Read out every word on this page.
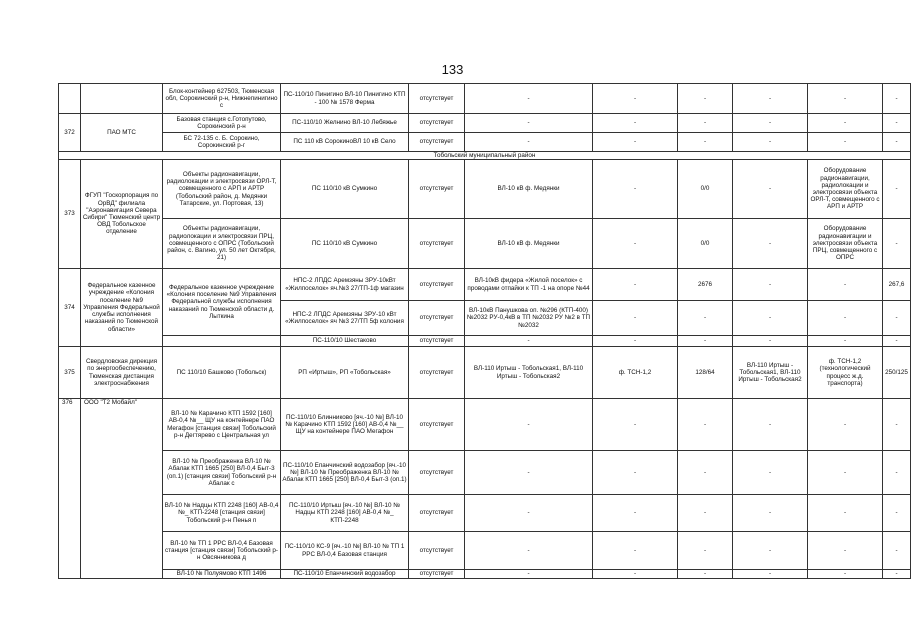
133
		Блок-контейнер 627503, Тюменская обл, Сорокинский р-н, Нижнепинигино с	ПС-110/10 Пинигино ВЛ-10 Пинигино КТП - 100 № 1578 Ферма	отсутствует	-	-	-	-	-	-
372	ПАО МТС	Базовая станция с.Готопутово, Сорокинский р-н	ПС-110/10 Желнино ВЛ-10 Лебяжье	отсутствует	-	-	-	-	-	-
		БС 72-135 с. Б. Сорокино, Сорокинский р-г	ПС 110 кВ СорокиноВЛ 10 кВ Село	отсутствует	-	-	-	-	-	-
Тобольский муниципальный район										
373	ФГУП "Госкорпорация по ОрВД" филиала "Аэронавигация Севера Сибири" Тюменский центр ОВД Тобольское отделение	Объекты радионавигации, радиолокации и электросвязи ОРЛ-Т, совмещенного с АРП и АРТР (Тобольский район, д. Медянки Татарские, ул. Портовая, 13)	ПС 110/10 кВ Сумкино	отсутствует	ВЛ-10 кВ ф. Медянки	-	0/0	-	Оборудование радионавигации, радиолокации и электросвязи объекта ОРЛ-Т, совмещенного с АРП и АРТР	-
		Объекты радионавигации, радиолокации и электросвязи ПРЦ, совмещенного с ОПРС (Тобольский район, с. Вагино, ул. 50 лет Октября, 21)	ПС 110/10 кВ Сумкино	отсутствует	ВЛ-10 кВ ф. Медянки	-	0/0	-	Оборудование радионавигации и электросвязи объекта ПРЦ, совмещенного с ОПРС	-
374	Федеральное казенное учреждение «Колония поселение №9 Управления Федеральной службы исполнения наказаний по Тюменской области»	Федеральное казенное учреждение «Колония поселение №9 Управления Федеральной службы исполнения наказаний по Тюменской области д. Лыткина	НПС-2 ЛПДС Аремзяны ЗРУ-10кВт «Жилпоселок» яч.№3 27/ТП-1ф магазин	отсутствует	ВЛ-10кВ фидера «Жилой поселок» с проводами отпайки к ТП -1 на опоре №44	-	2676	-	-	267,6
			НПС-2 ЛПДС Аремзяны ЗРУ-10 кВт «Жилпоселок» яч №3 27/ТП 5ф колония	отсутствует	ВЛ-10кВ Панушкова оп. №296 (КТП-400) №2032 РУ-0,4кВ в ТП №2032 РУ №2 в ТП №2032	-	-	-	-	-
			ПС-110/10 Шестаково	отсутствует	-	-	-	-	-	-
375	Свердловская дирекция по энергообеспечению, Тюменская дистанция электроснабжения	ПС 110/10 Башково (Тобольск)	РП «Иртыш», РП «Тобольская»	отсутствует	ВЛ-110 Иртыш - Тобольская1, ВЛ-110 Иртыш - Тобольская2	ф. ТСН-1,2	128/64	ВЛ-110 Иртыш - Тобольская1, ВЛ-110 Иртыш - Тобольская2	ф. ТСН-1,2 (технологический процесс ж.д. транспорта)	250/125
376	ООО "Т2 Мобайл"	ВЛ-10 № Карачино КТП 1592 [160] АВ-0,4 №__ ЩУ на контейнере ПАО Мегафон [станция связи] Тобольский р-н Дегтярево с Центральная ул	ПС-110/10 Блинниково [яч.-10 №] ВЛ-10 № Карачино КТП 1592 [160] АВ-0,4 №__ ЩУ на контейнере ПАО Мегафон	отсутствует	-	-	-	-	-	-
		ВЛ-10 № Преображенка ВЛ-10 № Абалак КТП 1665 [250] ВЛ-0,4 Быт-3 (оп.1) [станция связи] Тобольский р-н Абалак с	ПС-110/10 Епанчинский водозабор [яч.-10 №] ВЛ-10 № Преображенка ВЛ-10 № Абалак КТП 1665 [250] ВЛ-0,4 Быт-3 (оп.1)	отсутствует	-	-	-	-	-	-
		ВЛ-10 № Надцы КТП 2248 [160] АВ-0,4 №_ КТП-2248 [станция связи] Тобольский р-н Пенья п	ПС-110/10 Иртыш [яч.-10 №] ВЛ-10 № Надцы КТП 2248 [160] АВ-0,4 №_ КТП-2248	отсутствует	-	-	-	-	-	-
		ВЛ-10 № ТП 1 РРС ВЛ-0,4 Базовая станция [станция связи] Тобольский р-н Овсянникова д	ПС-110/10 КС-9 [яч.-10 №] ВЛ-10 № ТП 1 РРС ВЛ-0,4 Базовая станция	отсутствует	-	-	-	-	-	-
		ВЛ-10 № Полуямово КТП 1496	ПС-110/10 Епанчинский водозабор	отсутствует	-	-	-	-	-	-
